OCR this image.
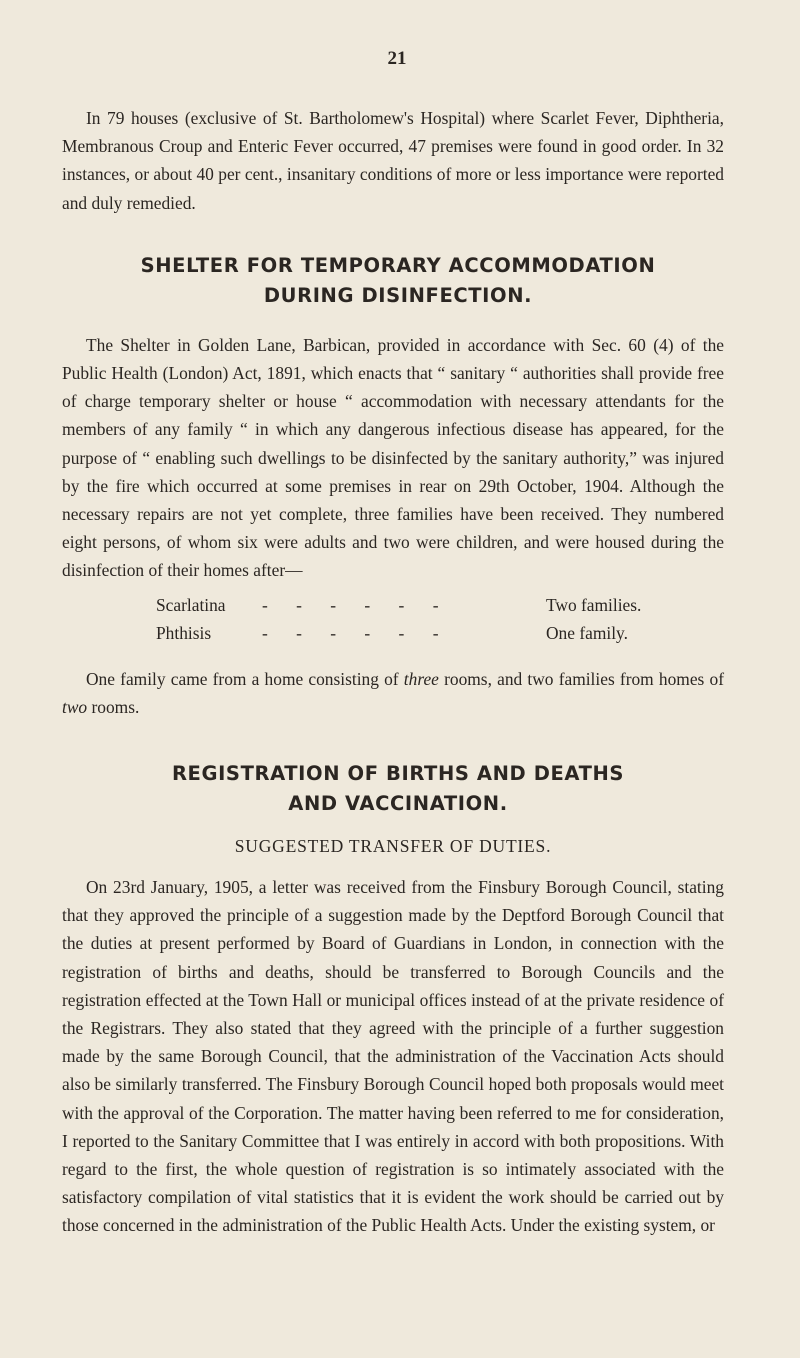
21

In 79 houses (exclusive of St. Bartholomew's Hospital) where Scarlet Fever, Diphtheria, Membranous Croup and Enteric Fever occurred, 47 premises were found in good order. In 32 instances, or about 40 per cent., insanitary conditions of more or less importance were reported and duly remedied.

SHELTER FOR TEMPORARY ACCOMMODATION
DURING DISINFECTION.

The Shelter in Golden Lane, Barbican, provided in accordance with Sec. 60 (4) of the Public Health (London) Act, 1891, which enacts that “ sanitary “ authorities shall provide free of charge temporary shelter or house “ accommodation with necessary attendants for the members of any family “ in which any dangerous infectious disease has appeared, for the purpose of “ enabling such dwellings to be disinfected by the sanitary authority,” was injured by the fire which occurred at some premises in rear on 29th October, 1904. Although the necessary repairs are not yet complete, three families have been received. They numbered eight persons, of whom six were adults and two were children, and were housed during the disinfection of their homes after—

Scarlatina - - - - - -	Two families.
Phthisis	- - - - - -	One family.

One family came from a home consisting of three rooms, and two families from homes of two rooms.

REGISTRATION OF BIRTHS AND DEATHS
AND VACCINATION.
SUGGESTED TRANSFER OF DUTIES.

On 23rd January, 1905, a letter was received from the Finsbury Borough Council, stating that they approved the principle of a suggestion made by the Deptford Borough Council that the duties at present performed by Board of Guardians in London, in connection with the registration of births and deaths, should be transferred to Borough Councils and the registration effected at the Town Hall or municipal offices instead of at the private residence of the Registrars. They also stated that they agreed with the principle of a further suggestion made by the same Borough Council, that the administration of the Vaccination Acts should also be similarly transferred. The Finsbury Borough Council hoped both proposals would meet with the approval of the Corporation. The matter having been referred to me for consideration, I reported to the Sanitary Committee that I was entirely in accord with both propositions. With regard to the first, the whole question of registration is so intimately associated with the satisfactory compilation of vital statistics that it is evident the work should be carried out by those concerned in the administration of the Public Health Acts. Under the existing system, or
